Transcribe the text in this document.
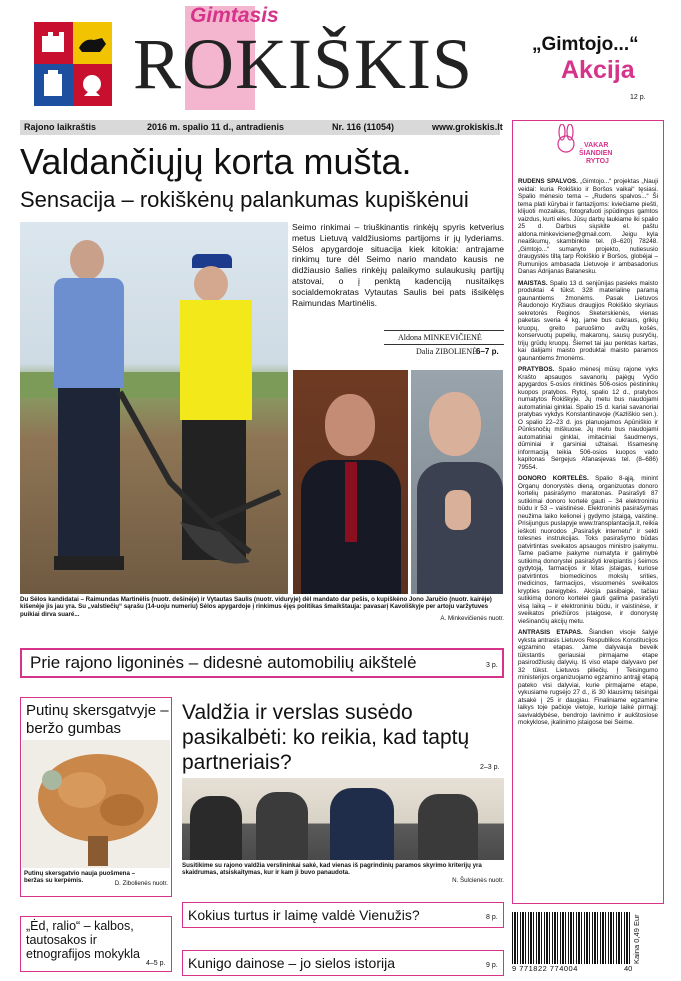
Gimtasis
ROKIŠKIS	„Gimtojo...“
Akcija
12 p.
Rajono laikraštis	2016 m. spalio 11 d., antradienis	Nr. 116 (11054)	www.grokiskis.lt
Valdančiųjų korta mušta.
Sensacija – rokiškėnų palankumas kupiškėnui
Seimo rinkimai – triuškinantis rinkėjų spyris ketverius metus Lietuvą valdžiusioms partijoms ir jų lyderiams. Sėlos apygardoje situacija kiek kitokia: antrajame rinkimų ture dėl Seimo nario mandato kausis ne didžiausio šalies rinkėjų palaikymo sulaukusių partijų atstovai, o į penktą kadenciją nusitaikęs socialdemokratas Vytautas Saulis bei pats išsikėlęs Raimundas Martinėlis.
Aldona MINKEVIČIENĖ
Dalia ZIBOLIENĖ
6–7 p.
Du Sėlos kandidatai – Raimundas Martinėlis (nuotr. dešinėje) ir Vytautas Saulis (nuotr. viduryje) dėl mandato dar pešis, o kupiškėno Jono Jaručio (nuotr. kairėje) kišenėje jis jau yra. Su „valstiečių“ sąrašu (14-uoju numeriu) Sėlos apygardoje į rinkimus ėjęs politikas šmaikštauja: pavasarį Kavoliškyje per artoju varžytuves puikiai dirva suaré...
A. Minkevičienės nuotr.
Prie rajono ligoninės – didesnė automobilių aikštelė	3 p.
Putinų skersgatvyje – beržo gumbas
Putinų skersgatvio nauja puošmena – beržas su kerpėmis.	D. Zibolienės nuotr.
Valdžia ir verslas susėdo pasikalbėti: ko reikia, kad taptų partneriais?	2–3 p.
Susitikime su rajono valdžia verslininkai sakė, kad vienas iš pagrindinių paramos skyrimo kriterijų yra skaidrumas, atsiskaitymas, kur ir kam ji buvo panaudota.
N. Šulcienės nuotr.
„Ėd, ralio“ – kalbos, tautosakos ir etnografijos mokykla
4–5 p.
Kokius turtus ir laimę valdė Vienužis?	8 p.
Kunigo dainose – jo sielos istorija	9 p.
VAKAR
ŠIANDIEN
RYTOJ

RUDENS SPALVOS. „Gimtojo...“ projektas „Nauji veidai: kuria Rokiškio ir Boršos vaikai“ tęsiasi. Spalio mėnesio tema – „Rudens spalvos...“ Ši tema plati kūrybai ir fantazijoms: kviečiame piešti, klijuoti mozaikas, fotografuoti įspūdingus gamtos vaizdus, kurti eiles. Jūsų darbų laukiame iki spalio 25 d. Darbus siųskite el. paštu aldona.minkeviciene@gmail.com. Jeigu kyla neaiškumų, skambinkite tel. (8–620) 78248. „Gimtojo...“ sumanyto projekto, nutiesusio draugystės tiltą tarp Rokiškio ir Boršos, globėjai – Rumunijos ambasada Lietuvoje ir ambasadorius Danas Adrijanas Balanesku.

MAISTAS. Spalio 13 d. senjūnijas pasieks maisto produktai 4 tūkst. 328 materialinę paramą gaunantiems žmonėms. Pasak Lietuvos Raudonojo Kryžiaus draugijos Rokiškio skyriaus sekretorės Reginos Sketerskienės, vienas paketas sveria 4 kg, jame bus cukraus, grikių kruopų, greito paruošimo avižų košės, konservuotų pupelių, makaronų, sausų pusryčių, trijų grūdų kruopų. Šiemet tai jau penktas kartas, kai dalijami maisto produktai maisto paramos gaunantiems žmonėms.

PRATYBOS. Spalio mėnesį mūsų rajone vyks Krašto apsaugos savanorių pajėgų Vyčio apygardos 5-osios rinktinės 506-osios pėstininkų kuopos pratybos. Rytoj, spalio 12 d., pratybos numatytos Rokiškyje. Jų metu bus naudojami automatiniai ginklai. Spalio 15 d. kariai savanoriai pratybas vykdys Konstantinavoje (Kazliškio sen.). O spalio 22–23 d. jos planuojamos Apūniškio ir Pūnksnočių miškuose. Jų metu bus naudojami automatiniai ginklai, imitaciniai šaudmenys, dūminiai ir garsiniai užtaisai. Išsamesnę informaciją teikia 506-osios kuopos vado kapitonas Sergejus Afanasjevas tel. (8–686) 79554.

DONORO KORTELĖS. Spalio 8-ąją, minint Organų donorystės dieną, organizuotas donoro kortelių pasirašymo maratonas. Pasirašyti 87 sutikimai donoro kortelė gauti – 34 elektroniniu būdu ir 53 – vaistinėse. Elektroninis pasirašymas neužima laiko kelionei į gydymo įstaigą, vaistinę. Prisijungus puslapyje www.transplantacija.lt, reikia ieškoti nuorodos „Pasirašyk internetu“ ir sekti tolesnes instrukcijas. Toks pasirašymo būdas patvirtintas sveikatos apsaugos ministro įsakymu. Tame pačiame įsakyme numatyta ir galimybė sutikimą donorystei pasirašyti kreipiantis į šeimos gydytoją, farmacijos ir kitas įstaigas, kuriose patvirtintos biomedicinos mokslų srities, medicinos, farmacijos, visuomenės sveikatos krypties pareigybės. Akcija pasibaigė, tačiau sutikimą donoro kortelei gauti galima pasirašyti visą laiką – ir elektroniniu būdu, ir vaistinėse, ir sveikatos priežiūros įstaigose, ir donorystę viešinančių akcijų metu.

ANTRASIS ETAPAS. Šiandien visoje šalyje vyksta antrasis Lietuvos Respublikos Konstitucijos egzamino etapas. Jame dalyvauja beveik tūkstantis geriausiai pirmajame etape pasirodžiusių dalyvių. Iš viso etape dalyvavo per 32 tūkst. Lietuvos piliečių. Į Teisingumo ministerijos organizuojamo egzamino antrąjį etapą pateko visi dalyviai, kurie pirmajame etape, vykusiame rugsėjo 27 d., iš 30 klausimų teisingai atsakė į 25 ir daugiau. Finaliniame egzamine laikys toje pačioje vietoje, kurioje laikė pirmąjį: savivaldybėse, bendrojo lavinimo ir aukštosiose mokyklose, įkalinimo įstaigose bei Seime.

9 771822 774004	40
Kaina 0,49 Eur
